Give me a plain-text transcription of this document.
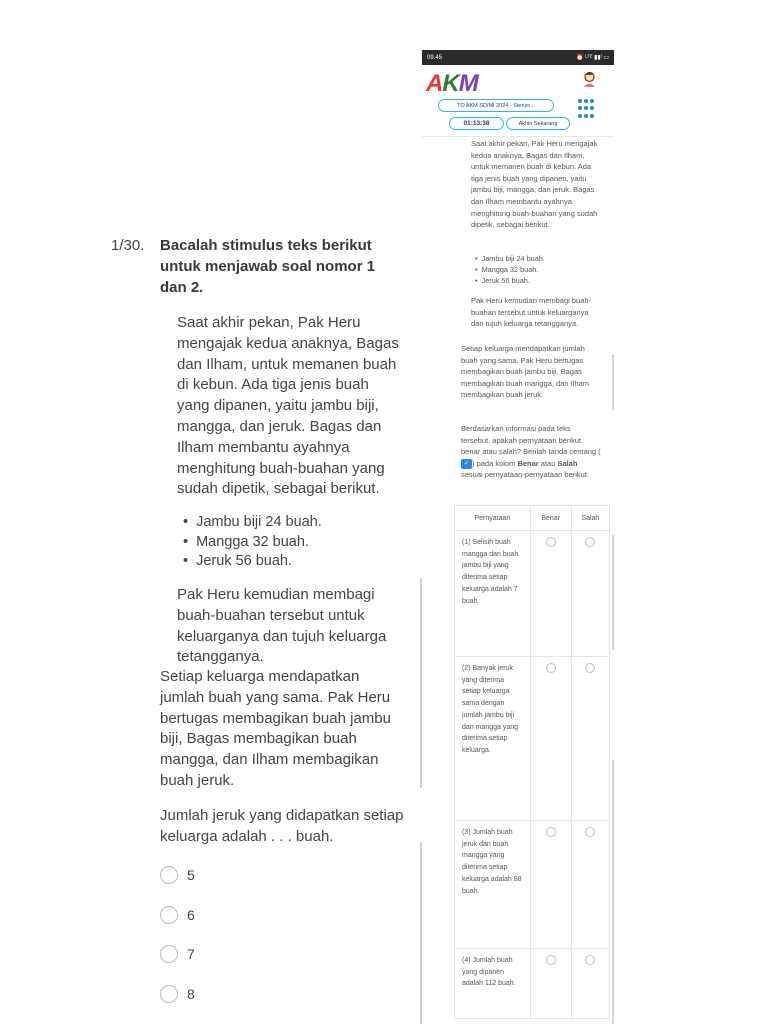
1/30. Bacalah stimulus teks berikut untuk menjawab soal nomor 1 dan 2.
Saat akhir pekan, Pak Heru mengajak kedua anaknya, Bagas dan Ilham, untuk memanen buah di kebun. Ada tiga jenis buah yang dipanen, yaitu jambu biji, mangga, dan jeruk. Bagas dan Ilham membantu ayahnya menghitung buah-buahan yang sudah dipetik, sebagai berikut.
• Jambu biji 24 buah.
• Mangga 32 buah.
• Jeruk 56 buah.
Pak Heru kemudian membagi buah-buahan tersebut untuk keluarganya dan tujuh keluarga tetangganya.
Setiap keluarga mendapatkan jumlah buah yang sama. Pak Heru bertugas membagikan buah jambu biji, Bagas membagikan buah mangga, dan Ilham membagikan buah jeruk.
Jumlah jeruk yang didapatkan setiap keluarga adalah . . . buah.
5
6
7
8
09.45	⏰ ᴸᵀᴱ ▮▮ˡ ▭
AKM
TO AKM SD/MI 2024 - Sterizo...
01:13:38	Akhiri Sekarang
Saat akhir pekan, Pak Heru mengajak kedua anaknya, Bagas dan Ilham, untuk memanen buah di kebun. Ada tiga jenis buah yang dipanen, yaitu jambu biji, mangga, dan jeruk. Bagas dan Ilham membantu ayahnya menghitung buah-buahan yang sudah dipetik, sebagai berikut.
• Jambu biji 24 buah.
• Mangga 32 buah.
• Jeruk 56 buah.
Pak Heru kemudian membagi buah-buahan tersebut untuk keluarganya dan tujuh keluarga tetangganya.
Setiap keluarga mendapatkan jumlah buah yang sama. Pak Heru bertugas membagikan buah jambu biji, Bagas membagikan buah mangga, dan Ilham membagikan buah jeruk.
Berdasarkan informasi pada teks tersebut, apakah pernyataan berikut benar atau salah? Berilah tanda centang (✓ ) pada kolom Benar atau Salah sesuai pernyataan-pernyataan berikut.
Pernyataan	Benar	Salah
(1) Selisih buah mangga dan buah jambu biji yang diterima setiap keluarga adalah 7 buah.		
(2) Banyak jeruk yang diterima setiap keluarga sama dengan jumlah jambu biji dan mangga yang diterima setiap keluarga.		
(3) Jumlah buah jeruk dan buah mangga yang diterima setiap keluarga adalah 88 buah.		
(4) Jumlah buah yang dipanen adalah 112 buah.		
